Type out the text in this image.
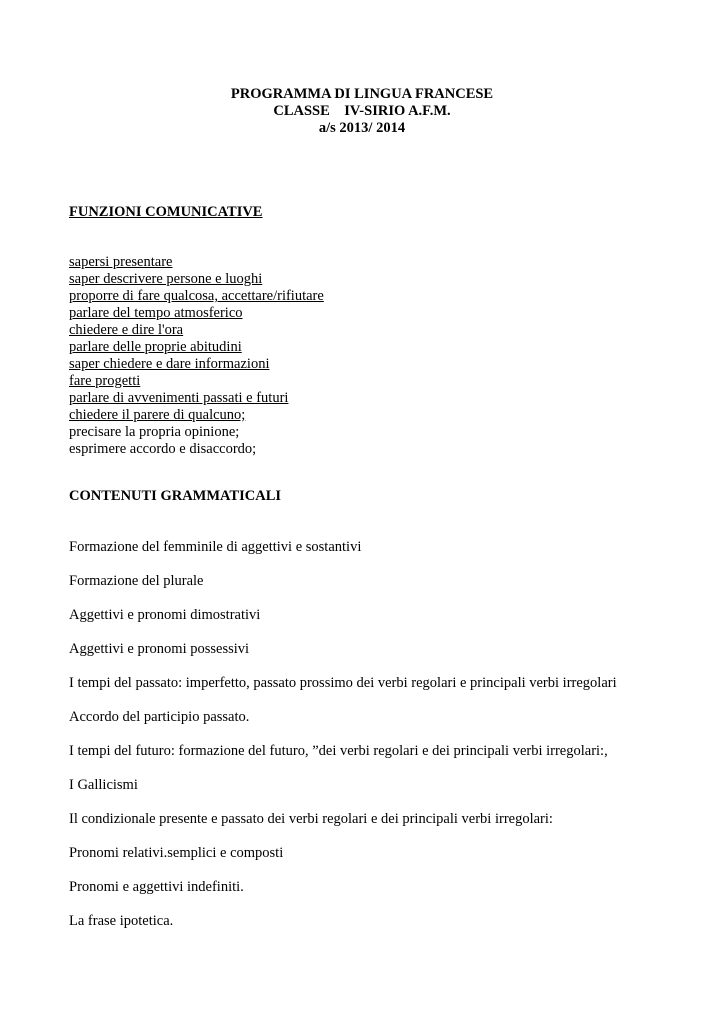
PROGRAMMA DI LINGUA FRANCESE
CLASSE    IV-SIRIO A.F.M.
a/s 2013/ 2014
FUNZIONI COMUNICATIVE
sapersi presentare
saper descrivere persone e luoghi
proporre di fare qualcosa, accettare/rifiutare
parlare del tempo atmosferico
chiedere e dire l'ora
parlare delle proprie abitudini
saper chiedere e dare informazioni
fare progetti
parlare di avvenimenti passati e futuri
chiedere il parere di qualcuno;
precisare la propria opinione;
esprimere accordo e disaccordo;
CONTENUTI GRAMMATICALI
Formazione del femminile di aggettivi e sostantivi
Formazione del plurale
Aggettivi e pronomi dimostrativi
Aggettivi e pronomi possessivi
I tempi del passato: imperfetto, passato prossimo dei verbi regolari e principali verbi irregolari
Accordo del participio passato.
I tempi del futuro: formazione del futuro, ”dei verbi regolari e dei principali verbi irregolari:,
I Gallicismi
Il condizionale presente e passato dei verbi regolari e dei principali verbi irregolari:
Pronomi relativi.semplici e composti
Pronomi e aggettivi indefiniti.
La frase ipotetica.
